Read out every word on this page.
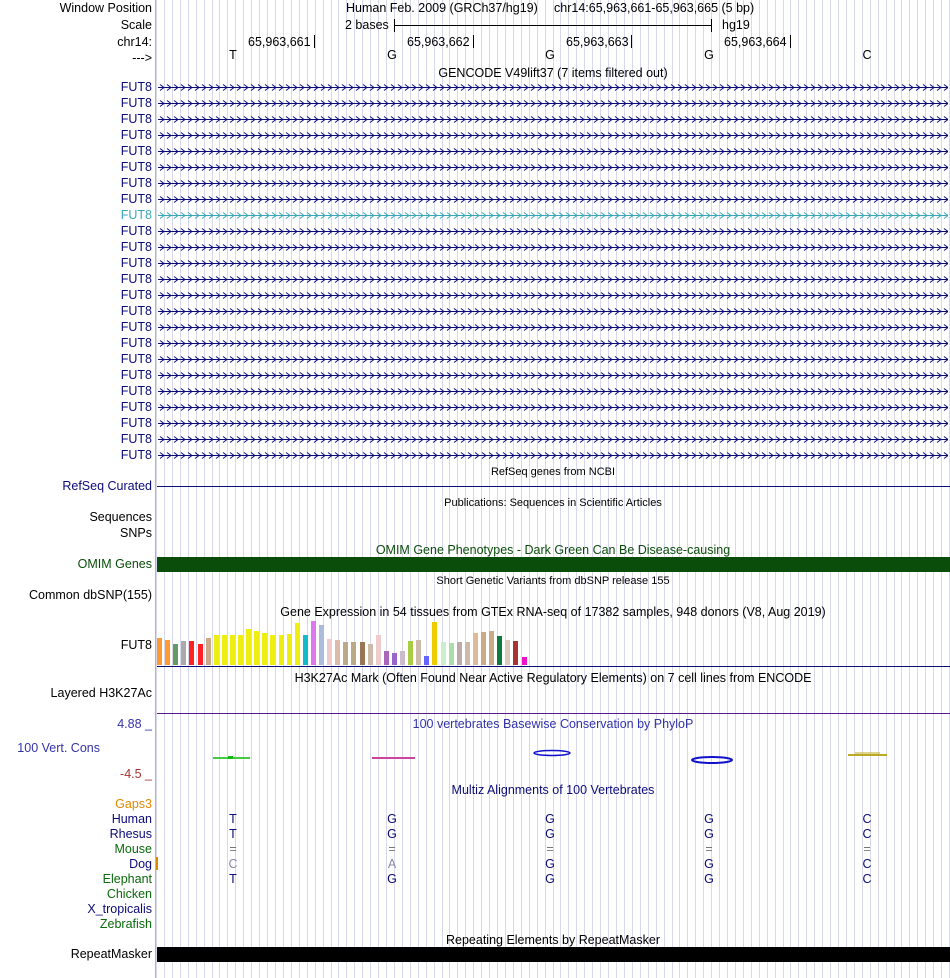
Window Position	Human Feb. 2009 (GRCh37/hg19) chr14:65,963,661-65,963,665 (5 bp)
Scale	2 bases	hg19
chr14:	65,963,661	65,963,662	65,963,663	65,963,664
--->	T	G	G	G	C
GENCODE V49lift37 (7 items filtered out)
FUT8
FUT8
FUT8
FUT8
FUT8
FUT8
FUT8
FUT8
FUT8
FUT8
FUT8
FUT8
FUT8
FUT8
FUT8
FUT8
FUT8
FUT8
FUT8
FUT8
FUT8
FUT8
FUT8
FUT8
RefSeq genes from NCBI
RefSeq Curated
Publications: Sequences in Scientific Articles
Sequences
SNPs
OMIM Gene Phenotypes - Dark Green Can Be Disease-causing
OMIM Genes
Short Genetic Variants from dbSNP release 155
Common dbSNP(155)
Gene Expression in 54 tissues from GTEx RNA-seq of 17382 samples, 948 donors (V8, Aug 2019)
FUT8
H3K27Ac Mark (Often Found Near Active Regulatory Elements) on 7 cell lines from ENCODE
Layered H3K27Ac
100 vertebrates Basewise Conservation by PhyloP
4.88 _
100 Vert. Cons
-4.5 _
Multiz Alignments of 100 Vertebrates
Gaps3
Human	T	G	G	G	C
Rhesus	T	G	G	G	C
Mouse	=	=	=	=	=
Dog	C	A	G	G	C
Elephant	T	G	G	G	C
Chicken
X_tropicalis
Zebrafish
Repeating Elements by RepeatMasker
RepeatMasker
